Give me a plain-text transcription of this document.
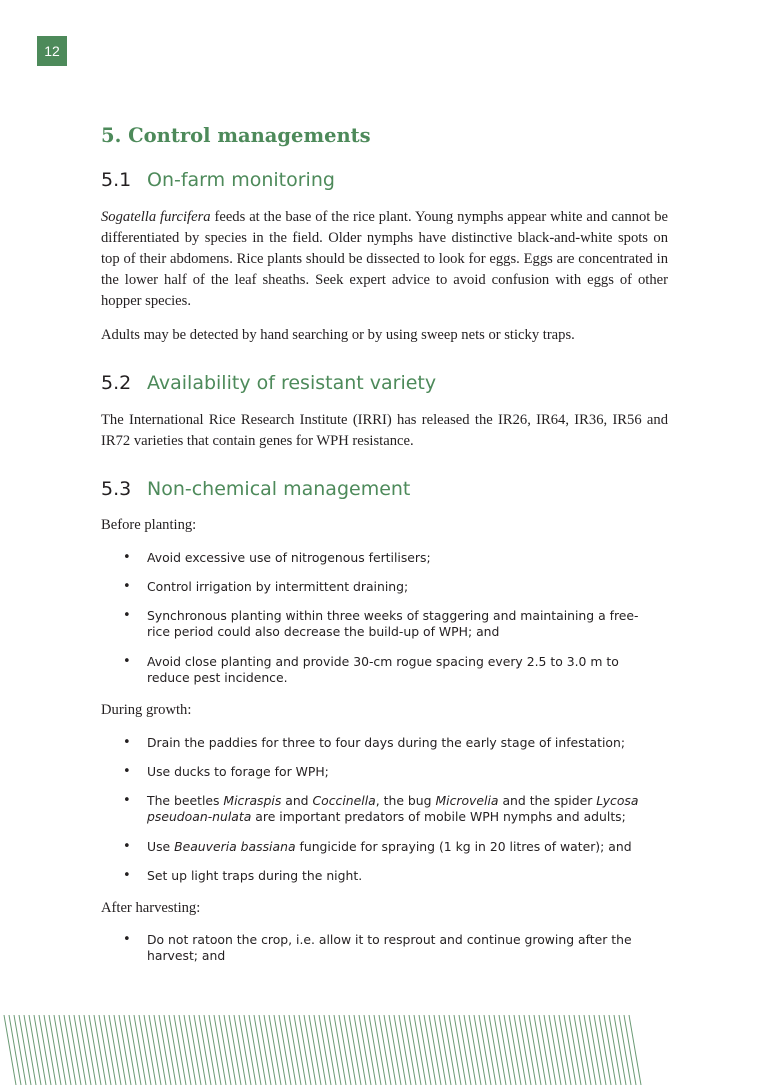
12
5. Control managements
5.1 On-farm monitoring

Sogatella furcifera feeds at the base of the rice plant. Young nymphs appear white and cannot be differentiated by species in the field. Older nymphs have distinctive black-and-white spots on top of their abdomens. Rice plants should be dissected to look for eggs. Eggs are concentrated in the lower half of the leaf sheaths. Seek expert advice to avoid confusion with eggs of other hopper species.

Adults may be detected by hand searching or by using sweep nets or sticky traps.

5.2 Availability of resistant variety

The International Rice Research Institute (IRRI) has released the IR26, IR64, IR36, IR56 and IR72 varieties that contain genes for WPH resistance.

5.3 Non-chemical management

Before planting:

• Avoid excessive use of nitrogenous fertilisers;
• Control irrigation by intermittent draining;
• Synchronous planting within three weeks of staggering and maintaining a free-rice period could also decrease the build-up of WPH; and
• Avoid close planting and provide 30-cm rogue spacing every 2.5 to 3.0 m to reduce pest incidence.

During growth:

• Drain the paddies for three to four days during the early stage of infestation;
• Use ducks to forage for WPH;
• The beetles Micraspis and Coccinella, the bug Microvelia and the spider Lycosa pseudoan-nulata are important predators of mobile WPH nymphs and adults;
• Use Beauveria bassiana fungicide for spraying (1 kg in 20 litres of water); and
• Set up light traps during the night.

After harvesting:

• Do not ratoon the crop, i.e. allow it to resprout and continue growing after the harvest; and
